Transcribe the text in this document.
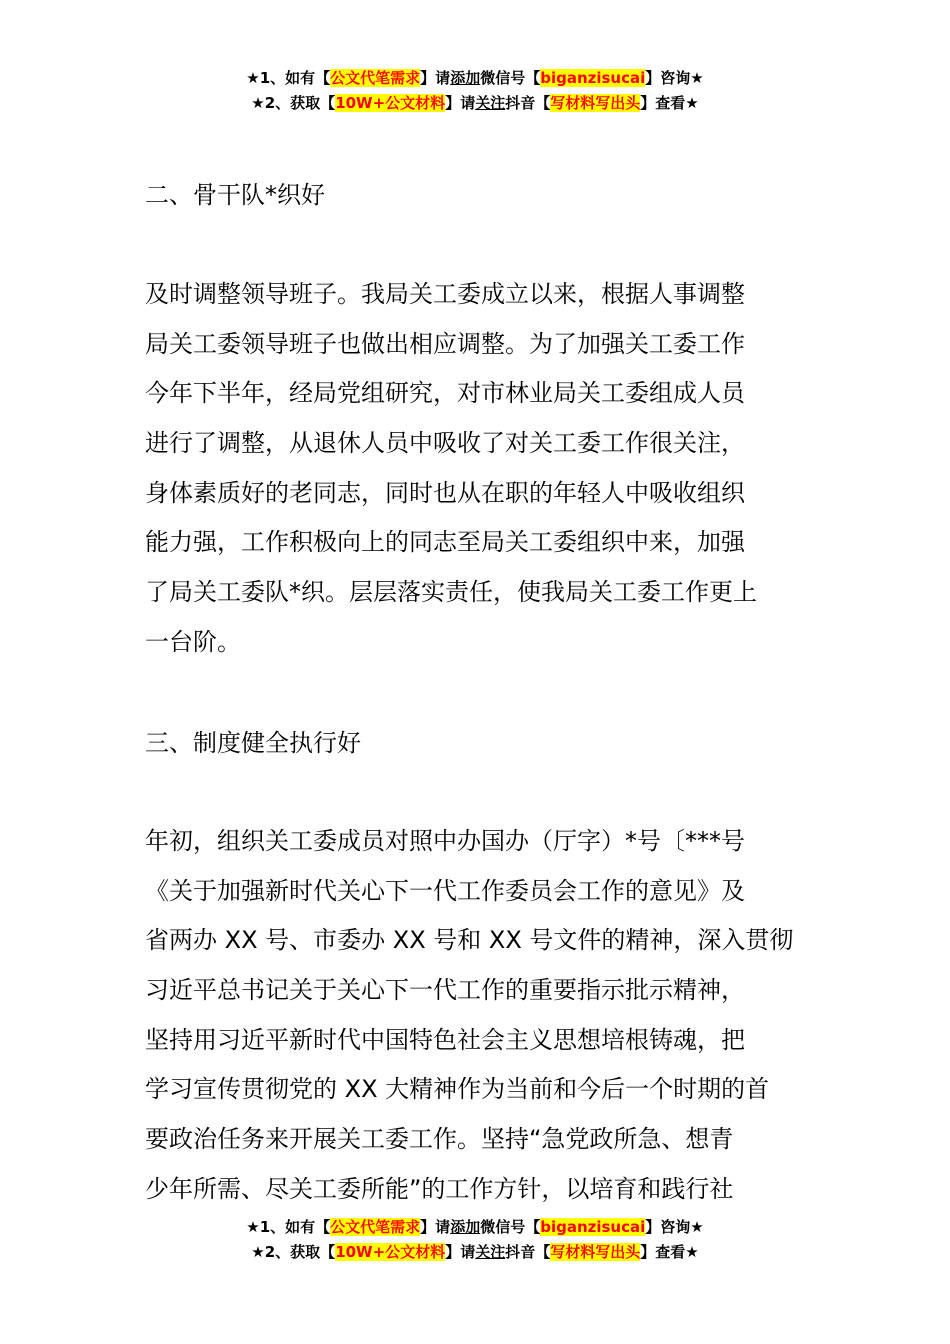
★1、如有【公文代笔需求】请添加微信号【biganzisucai】咨询★
★2、获取【10W+公文材料】请关注抖音【写材料写出头】查看★
二、骨干队*织好
及时调整领导班子。我局关工委成立以来，根据人事调整
局关工委领导班子也做出相应调整。为了加强关工委工作
今年下半年，经局党组研究，对市林业局关工委组成人员
进行了调整，从退休人员中吸收了对关工委工作很关注，
身体素质好的老同志，同时也从在职的年轻人中吸收组织
能力强，工作积极向上的同志至局关工委组织中来，加强
了局关工委队*织。层层落实责任，使我局关工委工作更上
一台阶。
三、制度健全执行好
年初，组织关工委成员对照中办国办（厅字）*号〔***号
《关于加强新时代关心下一代工作委员会工作的意见》及
省两办 XX 号、市委办 XX 号和 XX 号文件的精神，深入贯彻
习近平总书记关于关心下一代工作的重要指示批示精神，
坚持用习近平新时代中国特色社会主义思想培根铸魂，把
学习宣传贯彻党的 XX 大精神作为当前和今后一个时期的首
要政治任务来开展关工委工作。坚持“急党政所急、想青
少年所需、尽关工委所能”的工作方针，以培育和践行社
★1、如有【公文代笔需求】请添加微信号【biganzisucai】咨询★
★2、获取【10W+公文材料】请关注抖音【写材料写出头】查看★
